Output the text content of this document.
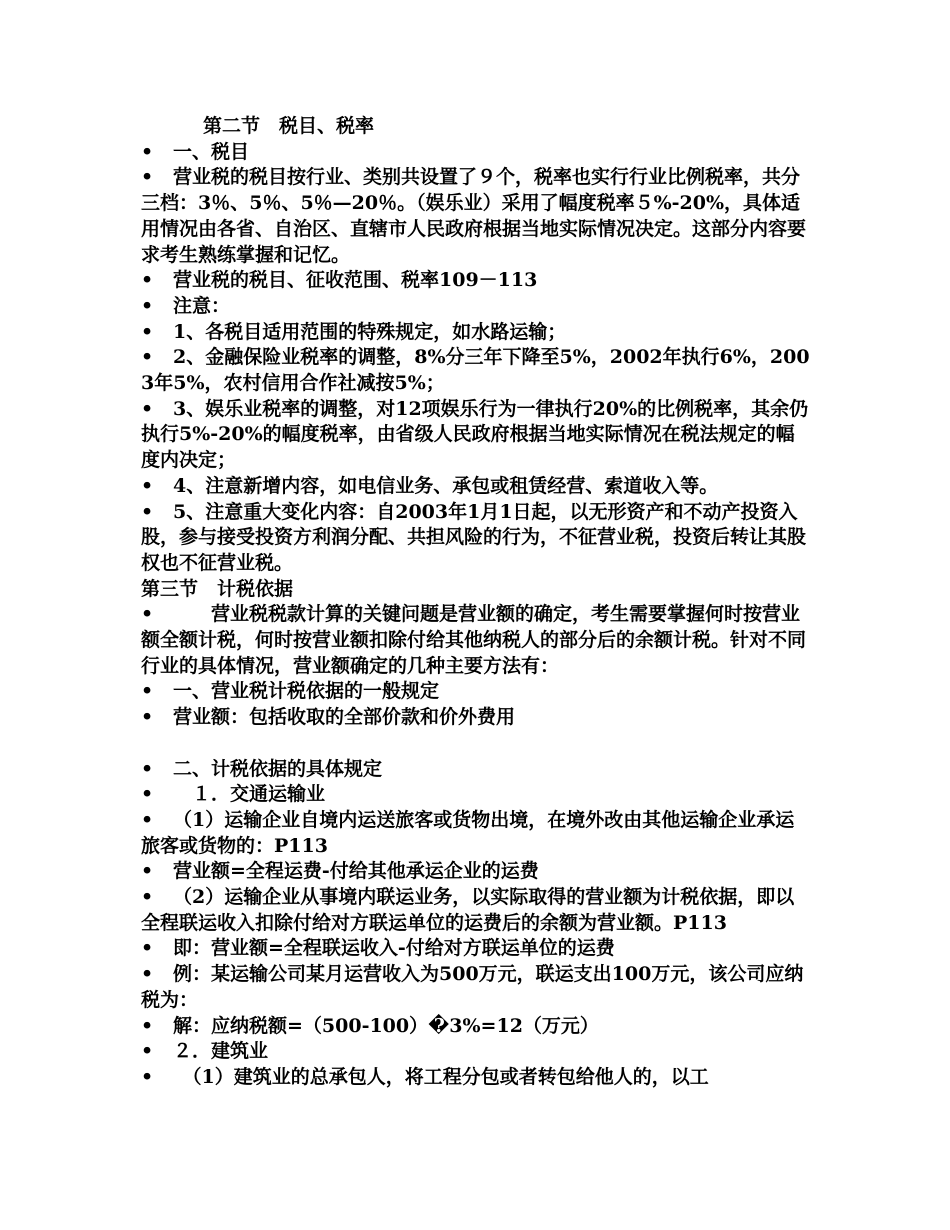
第二节　税目、税率
• 一、税目
• 营业税的税目按行业、类别共设置了９个，税率也实行行业比例税率，共分三档：3％、5％、5％—20％。（娱乐业）采用了幅度税率５%-20%，具体适用情况由各省、自治区、直辖市人民政府根据当地实际情况决定。这部分内容要求考生熟练掌握和记忆。
• 营业税的税目、征收范围、税率109－113
• 注意：
• 1、各税目适用范围的特殊规定，如水路运输；
• 2、金融保险业税率的调整，8%分三年下降至5%，2002年执行6%，2003年5%，农村信用合作社减按5%；
• 3、娱乐业税率的调整，对12项娱乐行为一律执行20%的比例税率，其余仍执行5%-20%的幅度税率，由省级人民政府根据当地实际情况在税法规定的幅度内决定；
• 4、注意新增内容，如电信业务、承包或租赁经营、索道收入等。
• 5、注意重大变化内容：自2003年1月1日起，以无形资产和不动产投资入股，参与接受投资方利润分配、共担风险的行为，不征营业税，投资后转让其股权也不征营业税。
第三节　计税依据
•　　营业税税款计算的关键问题是营业额的确定，考生需要掌握何时按营业额全额计税，何时按营业额扣除付给其他纳税人的部分后的余额计税。针对不同行业的具体情况，营业额确定的几种主要方法有：
• 一、营业税计税依据的一般规定
• 营业额：包括收取的全部价款和价外费用
• 二、计税依据的具体规定
•　１．交通运输业
• （1）运输企业自境内运送旅客或货物出境，在境外改由其他运输企业承运旅客或货物的：P113
• 营业额=全程运费-付给其他承运企业的运费
• （2）运输企业从事境内联运业务，以实际取得的营业额为计税依据，即以全程联运收入扣除付给对方联运单位的运费后的余额为营业额。P113
• 即：营业额=全程联运收入-付给对方联运单位的运费
• 例：某运输公司某月运营收入为500万元，联运支出100万元，该公司应纳税为：
• 解：应纳税额=（500-100）�3%=12（万元）
• ２．建筑业
•　（1）建筑业的总承包人，将工程分包或者转包给他人的，以工
